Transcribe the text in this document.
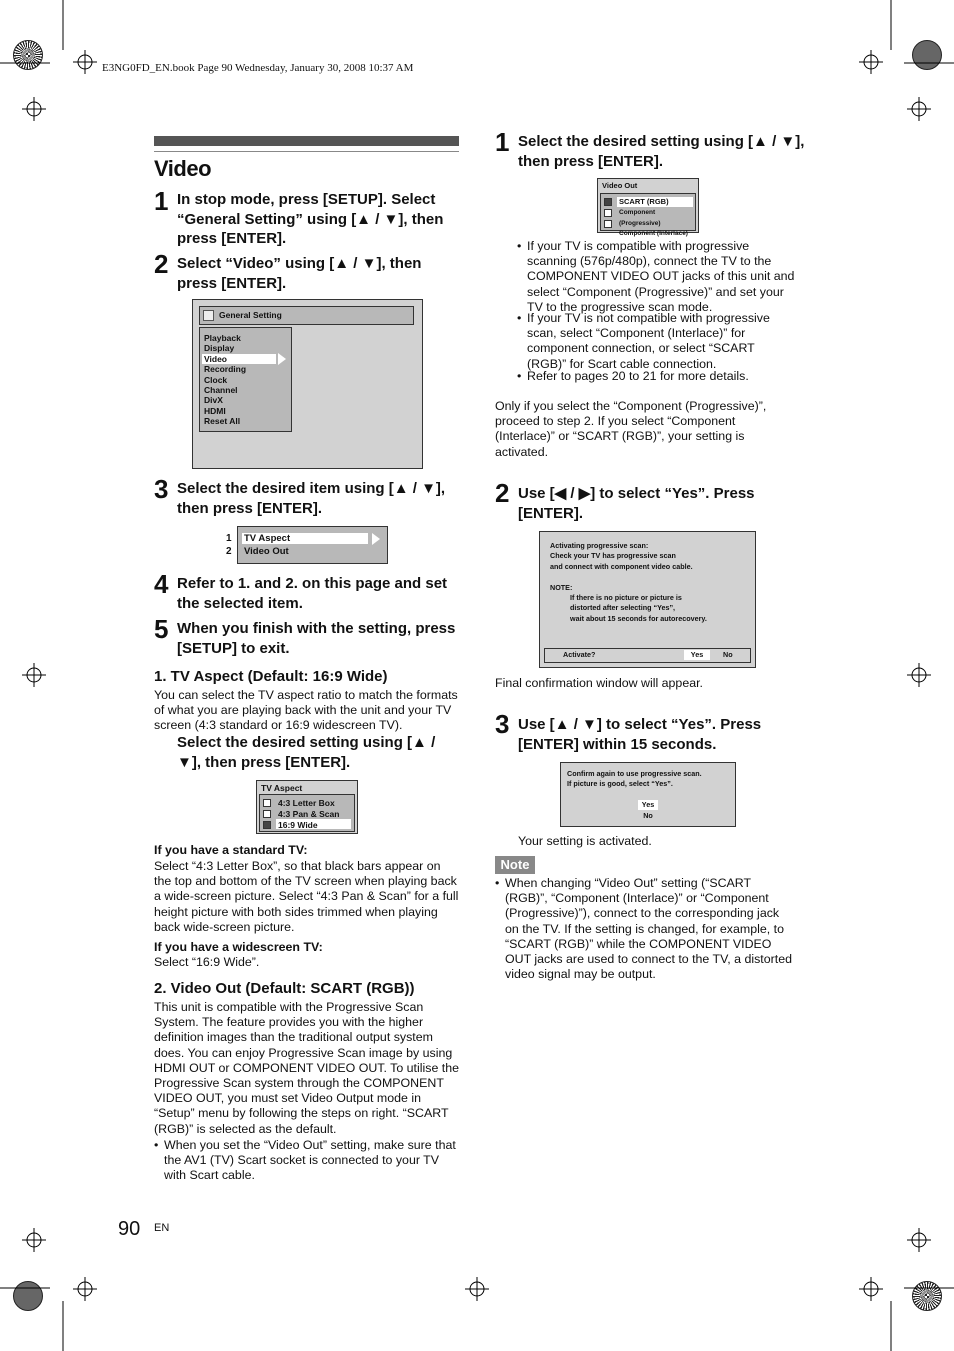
E3NG0FD_EN.book Page 90 Wednesday, January 30, 2008 10:37 AM
Video
1 In stop mode, press [SETUP]. Select “General Setting” using [▲ / ▼], then press [ENTER].
2 Select “Video” using [▲ / ▼], then press [ENTER].
General Setting
Playback
Display
Video
Recording
Clock
Channel
DivX
HDMI
Reset All
3 Select the desired item using [▲ / ▼], then press [ENTER].
1
2
TV Aspect
Video Out
4 Refer to 1. and 2. on this page and set the selected item.
5 When you finish with the setting, press [SETUP] to exit.
1. TV Aspect (Default: 16:9 Wide)
You can select the TV aspect ratio to match the formats of what you are playing back with the unit and your TV screen (4:3 standard or 16:9 widescreen TV).
Select the desired setting using [▲ / ▼], then press [ENTER].
TV Aspect
4:3 Letter Box
4:3 Pan & Scan
16:9 Wide
If you have a standard TV:
Select “4:3 Letter Box”, so that black bars appear on the top and bottom of the TV screen when playing back a wide-screen picture. Select “4:3 Pan & Scan” for a full height picture with both sides trimmed when playing back wide-screen picture.
If you have a widescreen TV:
Select “16:9 Wide”.
2. Video Out (Default: SCART (RGB))
This unit is compatible with the Progressive Scan System. The feature provides you with the higher definition images than the traditional output system does. You can enjoy Progressive Scan image by using HDMI OUT or COMPONENT VIDEO OUT. To utilise the Progressive Scan system through the COMPONENT VIDEO OUT, you must set Video Output mode in “Setup” menu by following the steps on right. “SCART (RGB)” is selected as the default.
• When you set the “Video Out” setting, make sure that the AV1 (TV) Scart socket is connected to your TV with Scart cable.
90 EN
1 Select the desired setting using [▲ / ▼], then press [ENTER].
Video Out
SCART (RGB)
Component (Progressive)
Component (Interlace)
• If your TV is compatible with progressive scanning (576p/480p), connect the TV to the COMPONENT VIDEO OUT jacks of this unit and select “Component (Progressive)” and set your TV to the progressive scan mode.
• If your TV is not compatible with progressive scan, select “Component (Interlace)” for component connection, or select “SCART (RGB)” for Scart cable connection.
• Refer to pages 20 to 21 for more details.
Only if you select the “Component (Progressive)”, proceed to step 2. If you select “Component (Interlace)” or “SCART (RGB)”, your setting is activated.
2 Use [◀ / ▶] to select “Yes”. Press [ENTER].
Activating progressive scan:
Check your TV has progressive scan
and connect with component video cable.
NOTE:
If there is no picture or picture is
distorted after selecting “Yes”,
wait about 15 seconds for autorecovery.
Activate?	Yes	No
Final confirmation window will appear.
3 Use [▲ / ▼] to select “Yes”. Press [ENTER] within 15 seconds.
Confirm again to use progressive scan.
If picture is good, select “Yes”.
Yes
No
Your setting is activated.
Note
• When changing “Video Out” setting (“SCART (RGB)”, “Component (Interlace)” or “Component (Progressive)”), connect to the corresponding jack on the TV. If the setting is changed, for example, to “SCART (RGB)” while the COMPONENT VIDEO OUT jacks are used to connect to the TV, a distorted video signal may be output.
